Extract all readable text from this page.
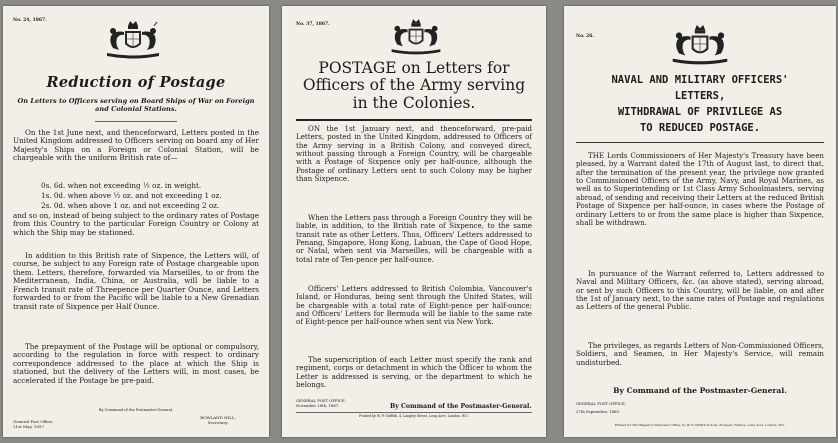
No. 24, 1867.
Reduction of Postage
On Letters to Officers serving on Board Ships of War on Foreign and Colonial Stations.
On the 1st June next, and thenceforward, Letters posted in the United Kingdom addressed to Officers serving on board any of Her Majesty's Ships on a Foreign or Colonial Station, will be chargeable with the uniform British rate of—
0s. 6d. when not exceeding ½ oz. in weight.
1s. 0d. when above ½ oz. and not exceeding 1 oz.
2s. 0d. when above 1 oz. and not exceeding 2 oz.
and so on, instead of being subject to the ordinary rates of Postage from this Country to the particular Foreign Country or Colony at which the Ship may be stationed.
In addition to this British rate of Sixpence, the Letters will, of course, be subject to any Foreign rate of Postage chargeable upon them. Letters, therefore, forwarded via Marseilles, to or from the Mediterranean, India, China, or Australia, will be liable to a French transit rate of Threepence per Quarter Ounce, and Letters forwarded to or from the Pacific will be liable to a New Grenadian transit rate of Sixpence per Half Ounce.
The prepayment of the Postage will be optional or compulsory, according to the regulation in force with respect to ordinary correspondence addressed to the place at which the Ship is stationed, but the delivery of the Letters will, in most cases, be accelerated if the Postage be pre-paid.
By Command of the Postmaster-General,
ROWLAND HILL,
Secretary.
General Post Office,
21st May, 1857.
No. 37, 1867.
POSTAGE on Letters for Officers of the Army serving in the Colonies.
ON the 1st January next, and thenceforward, pre-paid Letters, posted in the United Kingdom, addressed to Officers of the Army serving in a British Colony, and conveyed direct, without passing through a Foreign Country, will be chargeable with a Postage of Sixpence only per half-ounce, although the Postage of ordinary Letters sent to such Colony may be higher than Sixpence.
When the Letters pass through a Foreign Country they will be liable, in addition, to the British rate of Sixpence, to the same transit rate as other Letters. Thus, Officers' Letters addressed to Penang, Singapore, Hong Kong, Labuan, the Cape of Good Hope, or Natal, when sent via Marseilles, will be chargeable with a total rate of Ten-pence per half-ounce.
Officers' Letters addressed to British Colombia, Vancouver's Island, or Honduras, being sent through the United States, will be chargeable with a total rate of Eight-pence per half-ounce; and Officers' Letters for Bermuda will be liable to the same rate of Eight-pence per half-ounce when sent via New York.
The superscription of each Letter must specify the rank and regiment, corps or detachment in which the Officer to whom the Letter is addressed is serving, or the department to which he belongs.
GENERAL POST OFFICE,
November 28th, 1867.	By Command of the Postmaster-General.
Printed by W. P. Griffith, 4, Langley Street, Long Acre, London, W.C.
No. 26.
NAVAL AND MILITARY OFFICERS'
LETTERS,
WITHDRAWAL OF PRIVILEGE AS
TO REDUCED POSTAGE.
THE Lords Commissioners of Her Majesty's Treasury have been pleased, by a Warrant dated the 17th of August last, to direct that, after the termination of the present year, the privilege now granted to Commissioned Officers of the Army, Navy, and Royal Marines, as well as to Superintending or 1st Class Army Schoolmasters, serving abroad, of sending and receiving their Letters at the reduced British Postage of Sixpence per half-ounce, in cases where the Postage of ordinary Letters to or from the same place is higher than Sixpence, shall be withdrawn.
In pursuance of the Warrant referred to, Letters addressed to Naval and Military Officers, &c. (as above stated), serving abroad, or sent by such Officers to this Country, will be liable, on and after the 1st of January next, to the same rates of Postage and regulations as Letters of the general Public.
The privileges, as regards Letters of Non-Commissioned Officers, Soldiers, and Seamen, in Her Majesty's Service, will remain undisturbed.
By Command of the Postmaster-General.
GENERAL POST OFFICE,
27th September, 1869.
Printed for Her Majesty's Stationery Office, by W. P. Griffith & Sons, Prospero Terrace, Long Acre, London, W.C.
